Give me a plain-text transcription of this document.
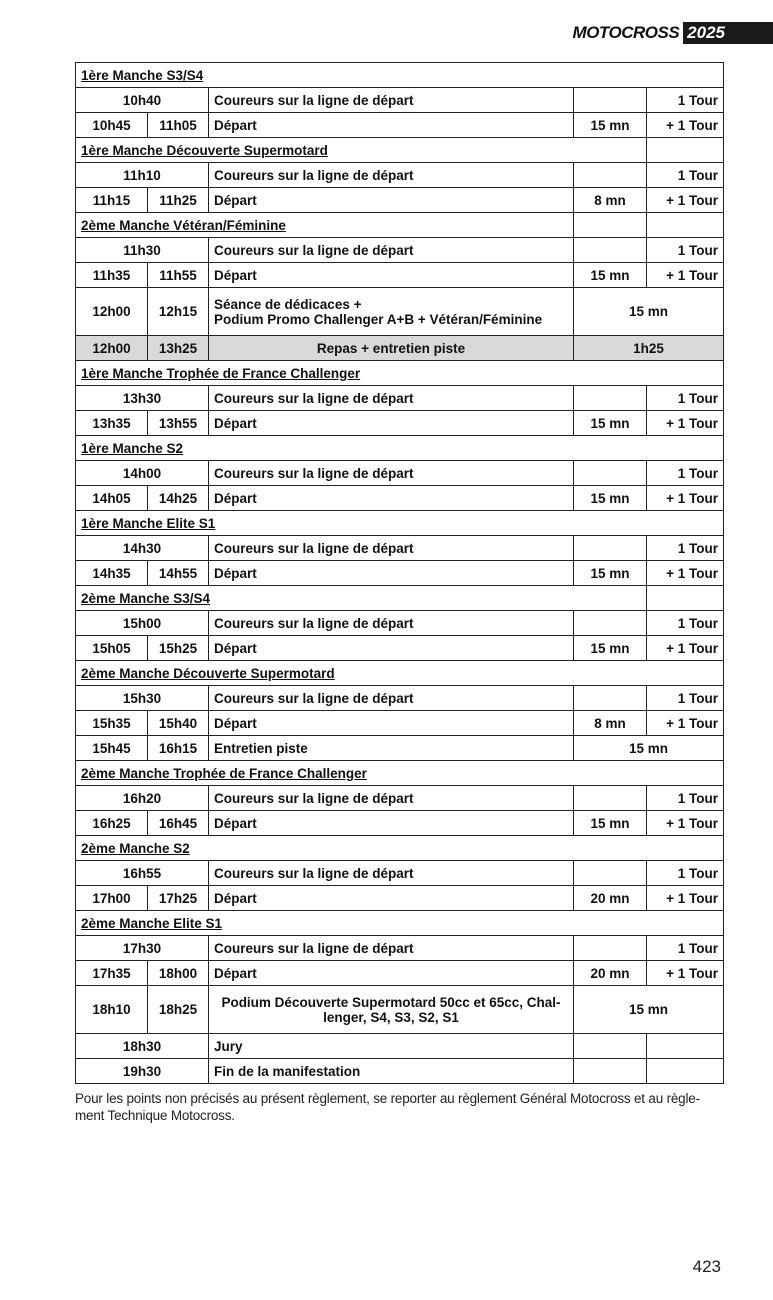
MOTOCROSS 2025
1ère Manche S3/S4				
10h40		Coureurs sur la ligne de départ		1 Tour
10h45	11h05	Départ	15 mn	+ 1 Tour
1ère Manche Découverte Supermotard				
11h10		Coureurs sur la ligne de départ		1 Tour
11h15	11h25	Départ	8 mn	+ 1 Tour
2ème Manche Vétéran/Féminine				
11h30		Coureurs sur la ligne de départ		1 Tour
11h35	11h55	Départ	15 mn	+ 1 Tour
12h00	12h15	Séance de dédicaces +
Podium Promo Challenger A+B + Vétéran/Féminine	15 mn	
12h00	13h25	Repas + entretien piste	1h25	
1ère Manche Trophée de France Challenger				
13h30		Coureurs sur la ligne de départ		1 Tour
13h35	13h55	Départ	15 mn	+ 1 Tour
1ère Manche S2				
14h00		Coureurs sur la ligne de départ		1 Tour
14h05	14h25	Départ	15 mn	+ 1 Tour
1ère Manche Elite S1				
14h30		Coureurs sur la ligne de départ		1 Tour
14h35	14h55	Départ	15 mn	+ 1 Tour
2ème Manche S3/S4				
15h00		Coureurs sur la ligne de départ		1 Tour
15h05	15h25	Départ	15 mn	+ 1 Tour
2ème Manche Découverte Supermotard				
15h30		Coureurs sur la ligne de départ		1 Tour
15h35	15h40	Départ	8 mn	+ 1 Tour
15h45	16h15	Entretien piste	15 mn	
2ème Manche Trophée de France Challenger				
16h20		Coureurs sur la ligne de départ		1 Tour
16h25	16h45	Départ	15 mn	+ 1 Tour
2ème Manche S2				
16h55		Coureurs sur la ligne de départ		1 Tour
17h00	17h25	Départ	20 mn	+ 1 Tour
2ème Manche Elite S1				
17h30		Coureurs sur la ligne de départ		1 Tour
17h35	18h00	Départ	20 mn	+ 1 Tour
18h10	18h25	Podium Découverte Supermotard 50cc et 65cc, Chal-
lenger, S4, S3, S2, S1	15 mn	
18h30		Jury		
19h30		Fin de la manifestation		
Pour les points non précisés au présent règlement, se reporter au règlement Général Motocross et au règle-
ment Technique Motocross.
423
